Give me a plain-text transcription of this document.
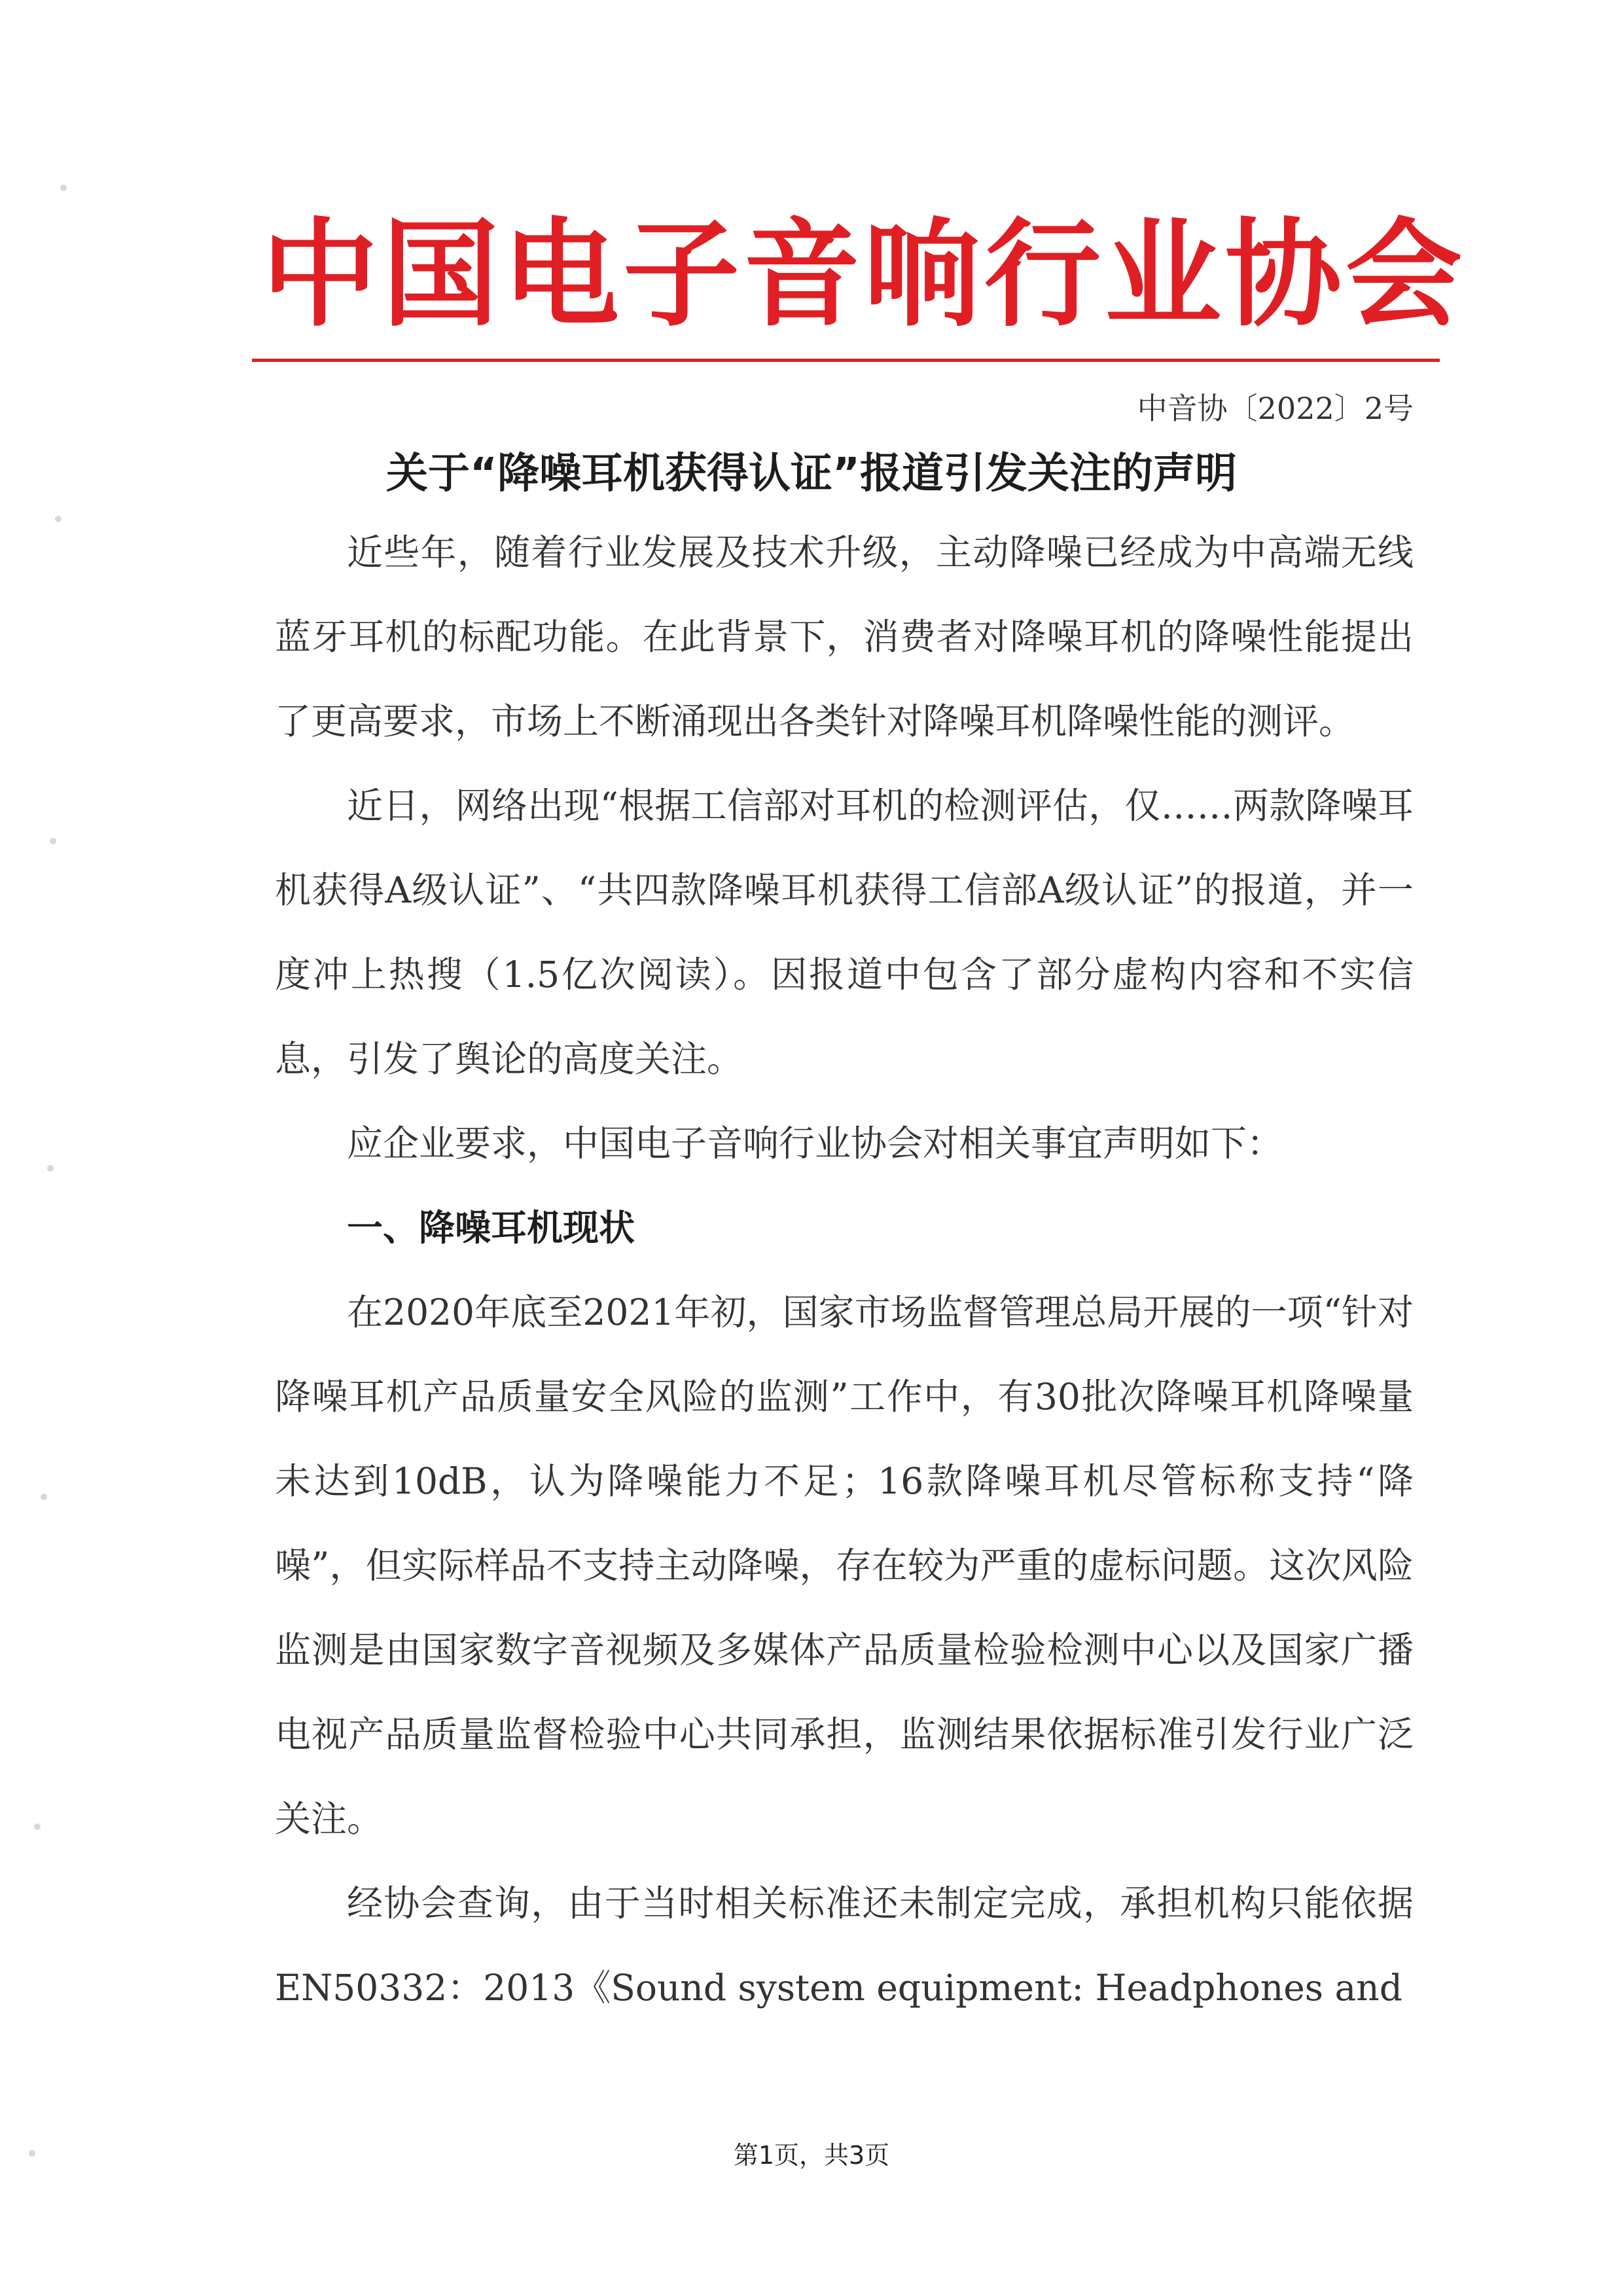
中国电子音响行业协会
中音协〔2022〕2号
关于“降噪耳机获得认证”报道引发关注的声明

近些年，随着行业发展及技术升级，主动降噪已经成为中高端无线蓝牙耳机的标配功能。在此背景下，消费者对降噪耳机的降噪性能提出了更高要求，市场上不断涌现出各类针对降噪耳机降噪性能的测评。

近日，网络出现“根据工信部对耳机的检测评估，仅……两款降噪耳机获得A级认证”、“共四款降噪耳机获得工信部A级认证”的报道，并一度冲上热搜（1.5亿次阅读）。因报道中包含了部分虚构内容和不实信息，引发了舆论的高度关注。

应企业要求，中国电子音响行业协会对相关事宜声明如下：

一、降噪耳机现状

在2020年底至2021年初，国家市场监督管理总局开展的一项“针对降噪耳机产品质量安全风险的监测”工作中，有30批次降噪耳机降噪量未达到10dB，认为降噪能力不足；16款降噪耳机尽管标称支持“降噪”，但实际样品不支持主动降噪，存在较为严重的虚标问题。这次风险监测是由国家数字音视频及多媒体产品质量检验检测中心以及国家广播电视产品质量监督检验中心共同承担，监测结果依据标准引发行业广泛关注。

经协会查询，由于当时相关标准还未制定完成，承担机构只能依据EN50332：2013《Sound system equipment: Headphones and

第1页，共3页
